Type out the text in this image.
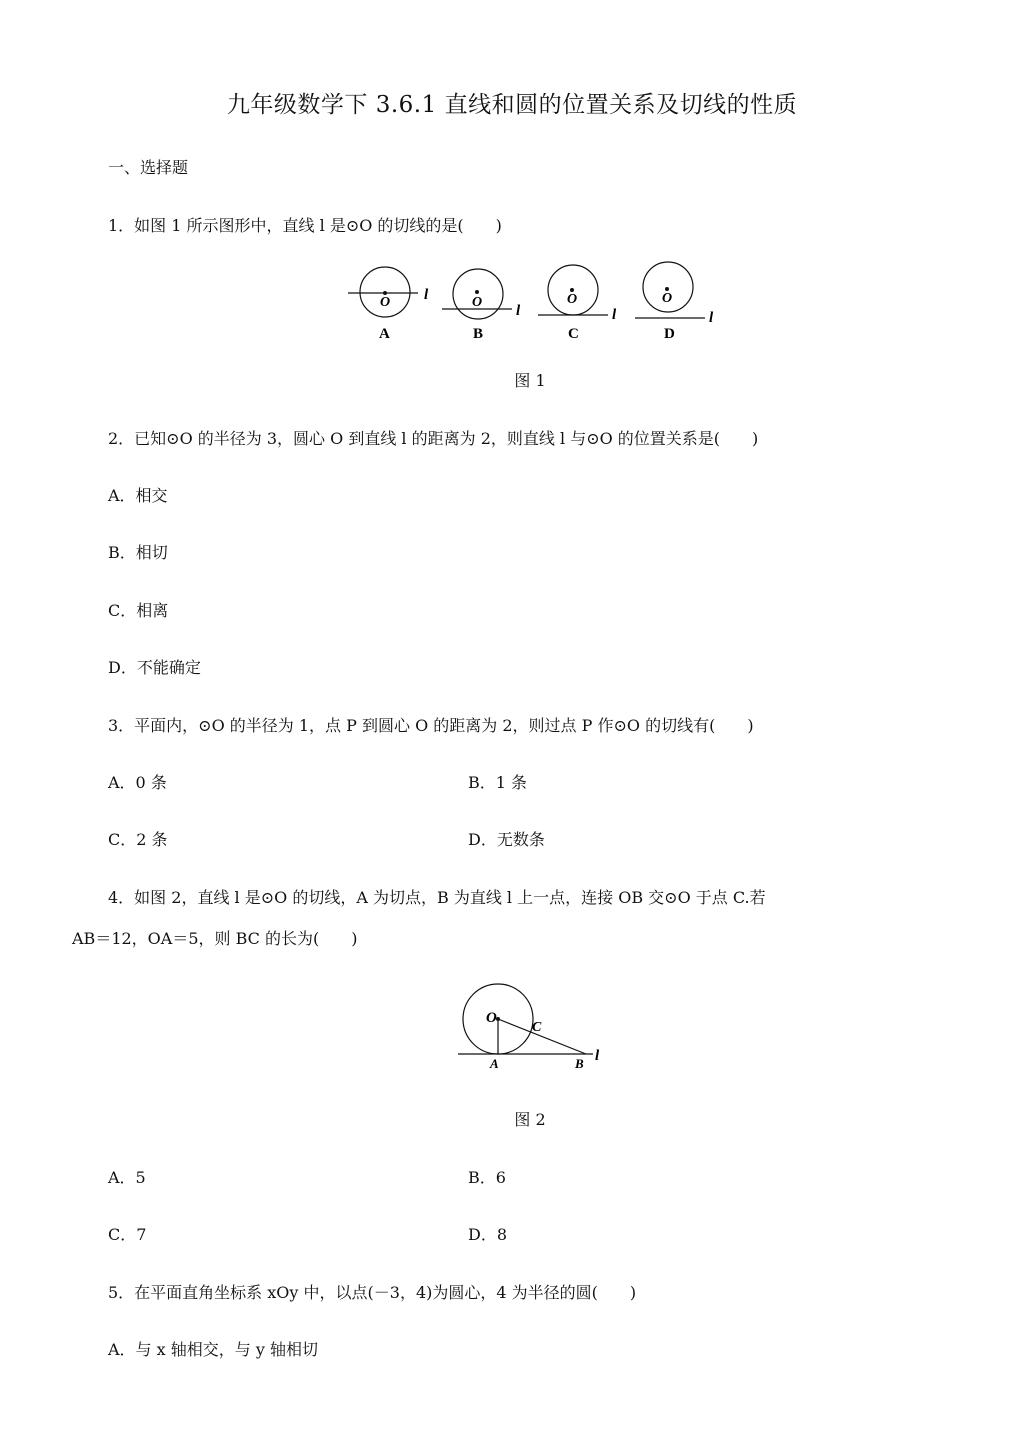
九年级数学下 3.6.1 直线和圆的位置关系及切线的性质
一、选择题
1．如图 1 所示图形中，直线 l 是⊙O 的切线的是(　　)
O l
A
O
l
B
O
l
C
O
l
D
图 1
2．已知⊙O 的半径为 3，圆心 O 到直线 l 的距离为 2，则直线 l 与⊙O 的位置关系是(　　)
A．相交
B．相切
C．相离
D．不能确定
3．平面内，⊙O 的半径为 1，点 P 到圆心 O 的距离为 2，则过点 P 作⊙O 的切线有(　　)
A．0 条	B．1 条
C．2 条	D．无数条
4．如图 2，直线 l 是⊙O 的切线，A 为切点，B 为直线 l 上一点，连接 OB 交⊙O 于点 C.若
AB＝12，OA＝5，则 BC 的长为(　　)
O
C
A	B l
图 2
A．5	B．6
C．7	D．8
5．在平面直角坐标系 xOy 中，以点(－3，4)为圆心，4 为半径的圆(　　)
A．与 x 轴相交，与 y 轴相切
